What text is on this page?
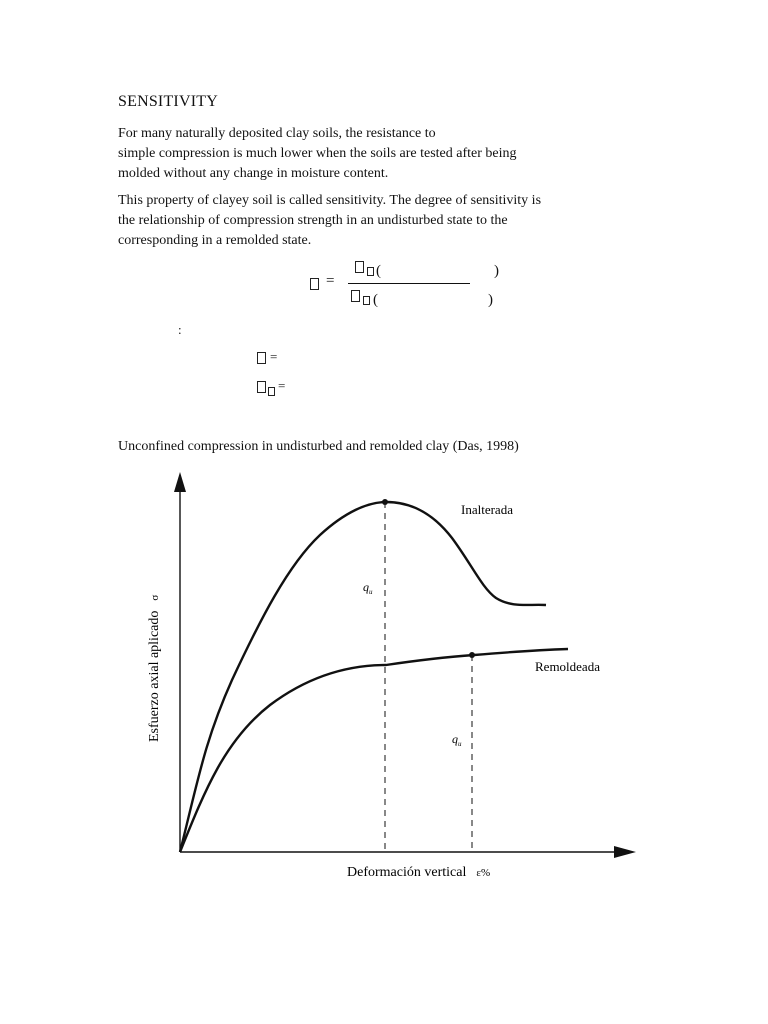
SENSITIVITY
For many naturally deposited clay soils, the resistance to
simple compression is much lower when the soils are tested after being
molded without any change in moisture content.
This property of clayey soil is called sensitivity. The degree of sensitivity is
the relationship of compression strength in an undisturbed state to the
corresponding in a remolded state.
=
(	)
(	)
:
=
=
Unconfined compression in undisturbed and remolded clay (Das, 1998)
Inalterada
Remoldeada
$q_u$
$q_u$
Deformación vertical ε%
Esfuerzo axial aplicadoσ
